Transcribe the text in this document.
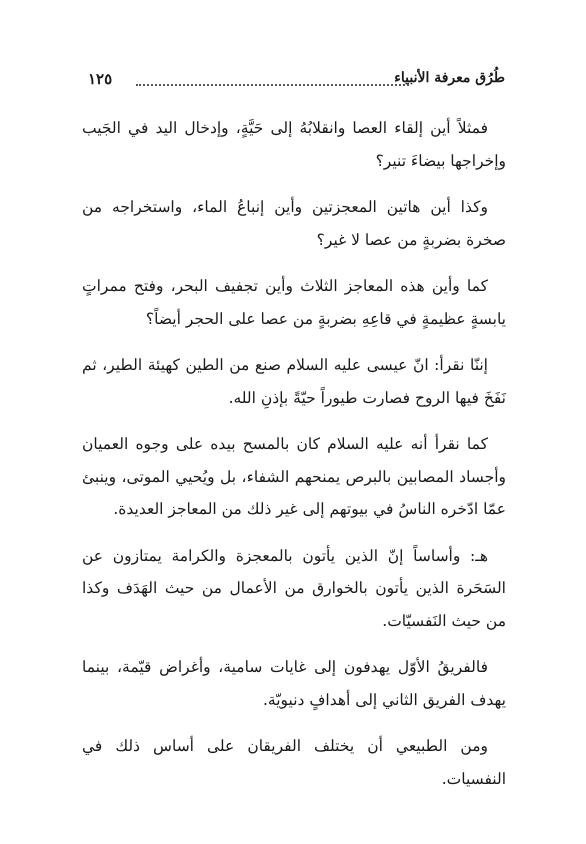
طُرُق معرفة الأنبياء
١٢٥

فمثلاً أين إلقاء العصا وانقلابُهُ إلى حَيَّةٍ، وإدخال اليد في الجَيب وإخراجها بيضاءَ تنير؟

وكذا أين هاتين المعجزتين وأين إنباعُ الماء، واستخراجه من صخرة بضربةٍ من عصا لا غير؟

كما وأين هذه المعاجز الثلاث وأين تجفيف البحر، وفتح ممراتٍ يابسةٍ عظيمةٍ في قاعِهِ بضربةٍ من عصا على الحجر أيضاً؟

إننّا نقرأ: انّ عيسى عليه السلام صنع من الطين كهيئة الطير، ثم نَفَخَ فيها الروح فصارت طيوراً حيّةً بإذنِ الله.

كما نقرأ أنه عليه السلام كان بالمسح بيده على وجوه العميان وأجساد المصابين بالبرص يمنحهم الشفاء، بل ويُحيي الموتى، وينبئ عمّا ادّخره الناسُ في بيوتهم إلى غير ذلك من المعاجز العديدة.

هـ: وأساساً إنّ الذين يأتون بالمعجزة والكرامة يمتازون عن السَحَرة الذين يأتون بالخوارق من الأعمال من حيث الهَدَف وكذا من حيث النَفسيّات.

فالفريقُ الأوّل يهدفون إلى غايات سامية، وأغراض قيّمة، بينما يهدف الفريق الثاني إلى أهدافٍ دنيويّة.

ومن الطبيعي أن يختلف الفريقان على أساس ذلك في النفسيات.
